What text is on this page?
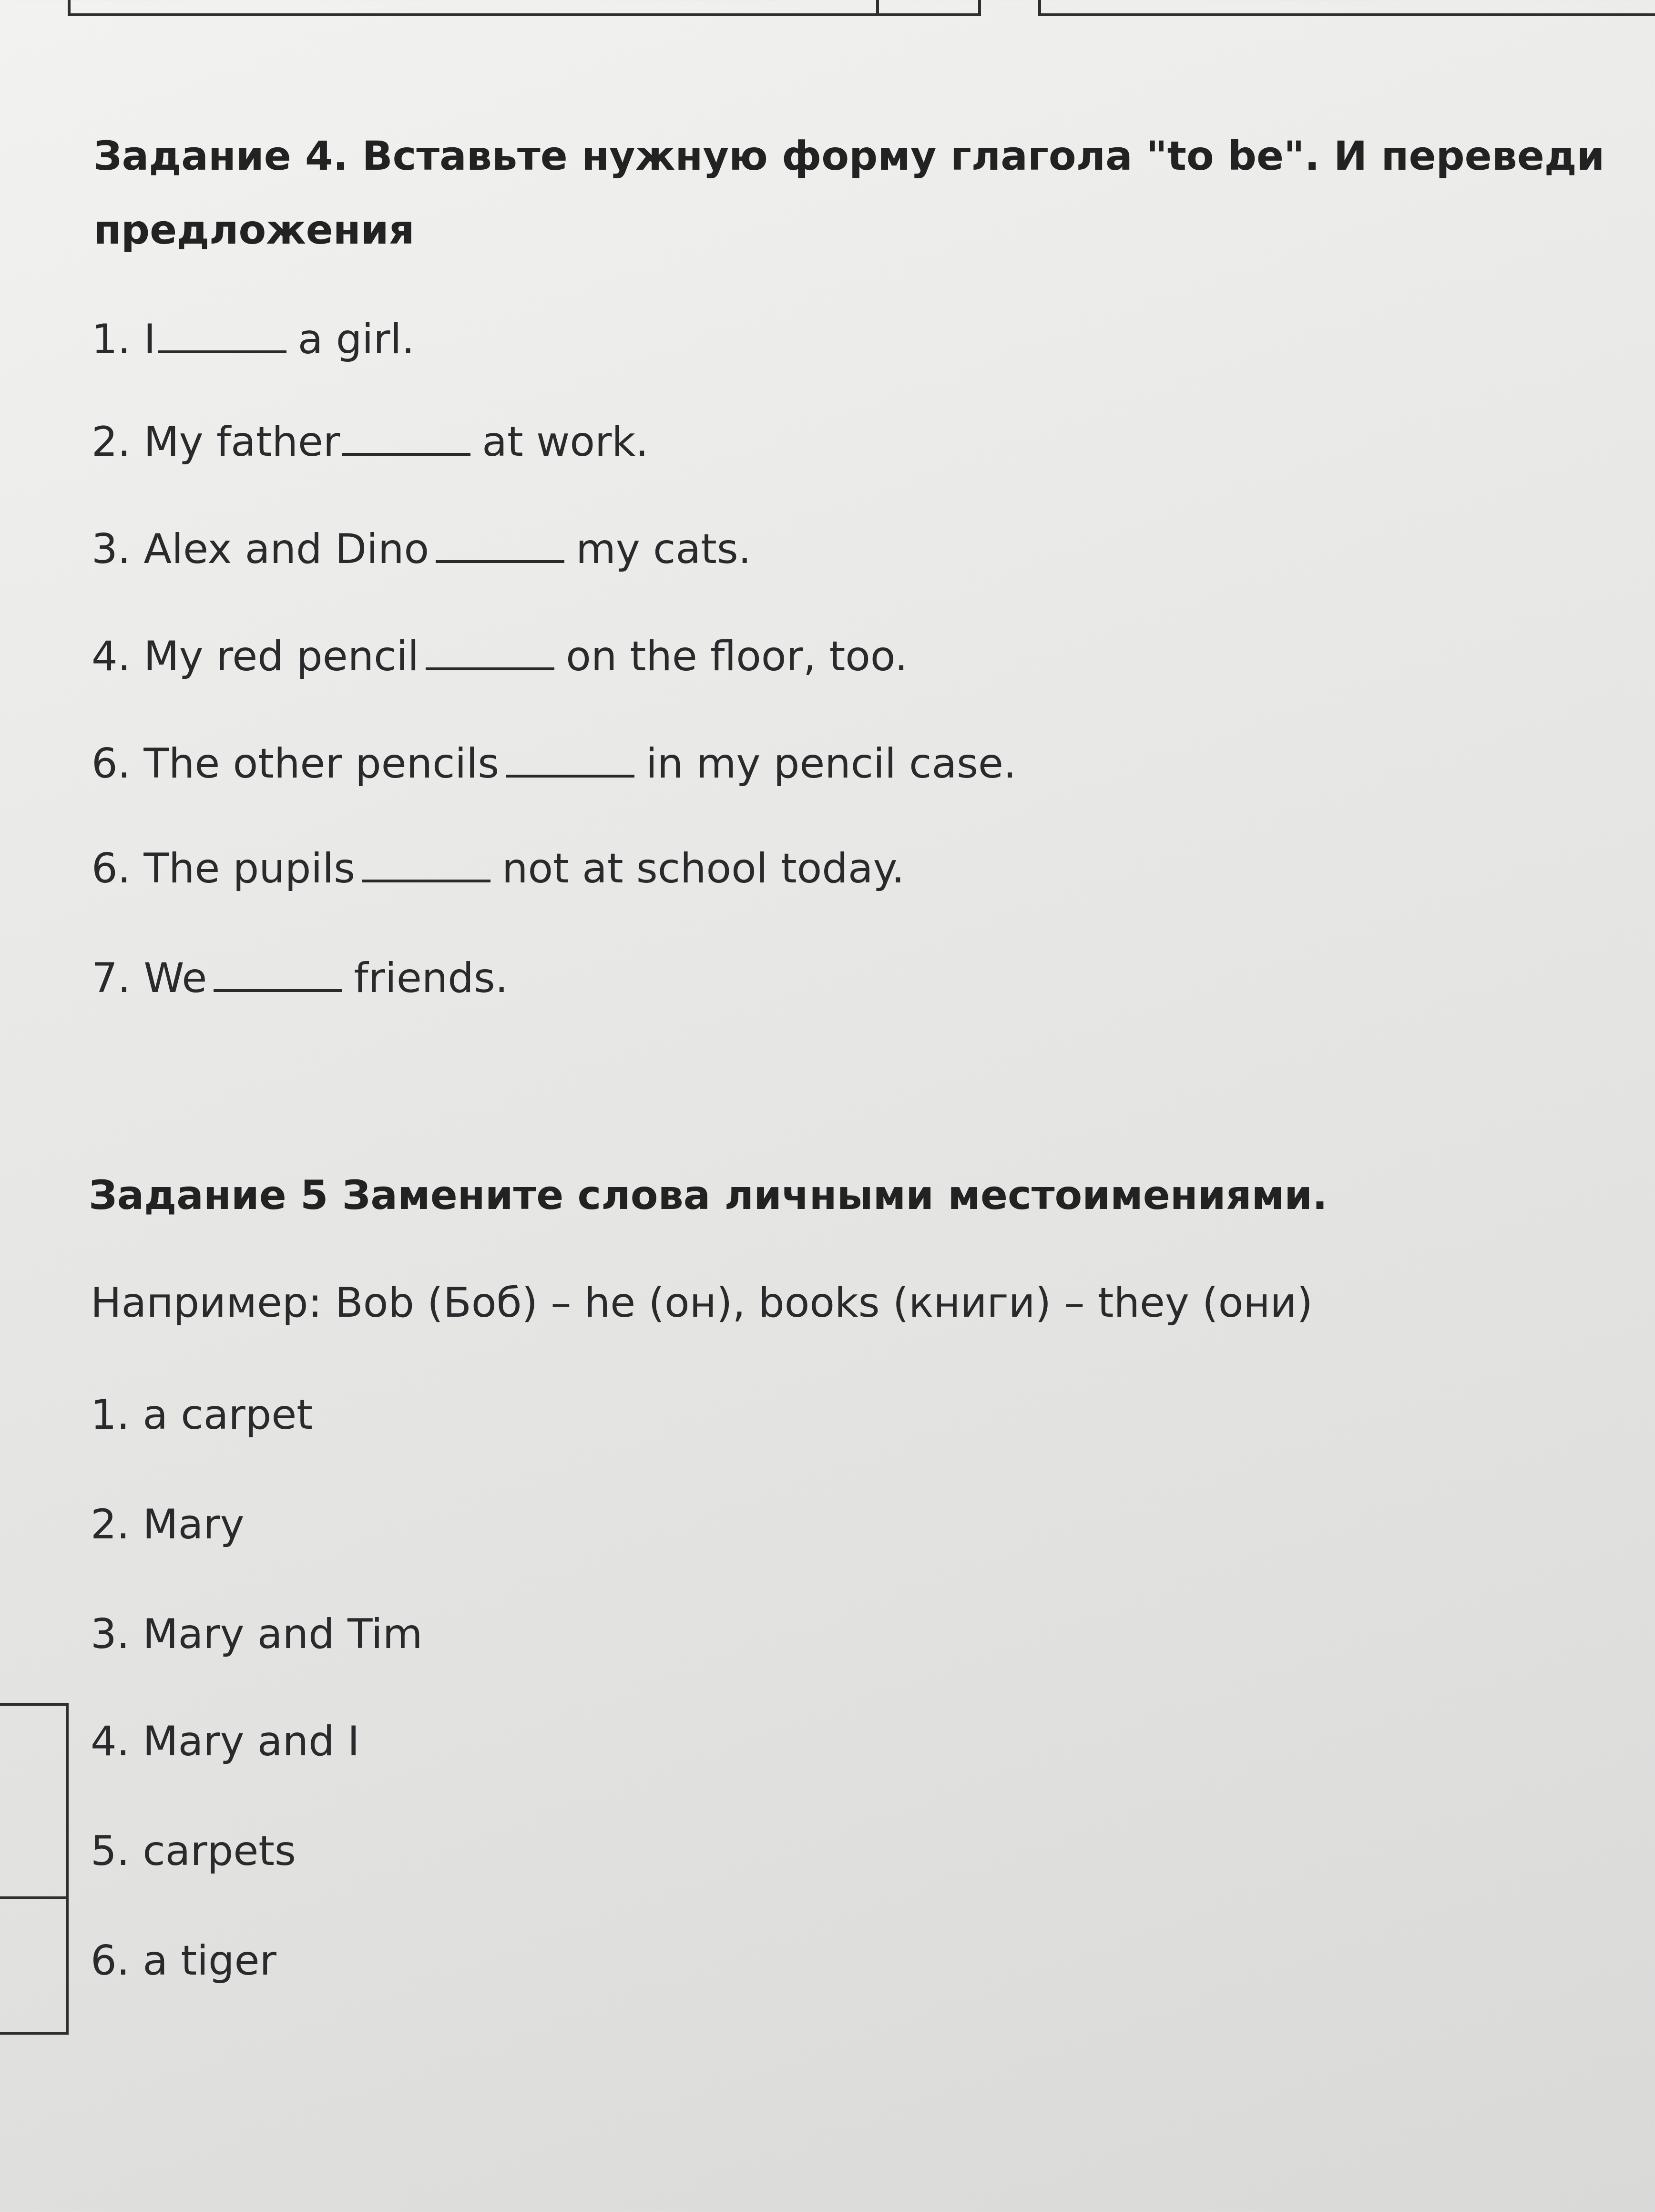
Задание 4. Вставьте нужную форму глагола "to be". И переведи
предложения
1. I	a girl.
2. My father	at work.
3. Alex and Dino	my cats.
4. My red pencil	on the floor, too.
6. The other pencils	in my pencil case.
6. The pupils	not at school today.
7. We	friends.
Задание 5 Замените слова личными местоимениями.
Например: Bob (Боб) – he (он), books (книги) – they (они)
1. a carpet
2. Mary
3. Mary and Tim
4. Mary and I
5. carpets
6. a tiger
